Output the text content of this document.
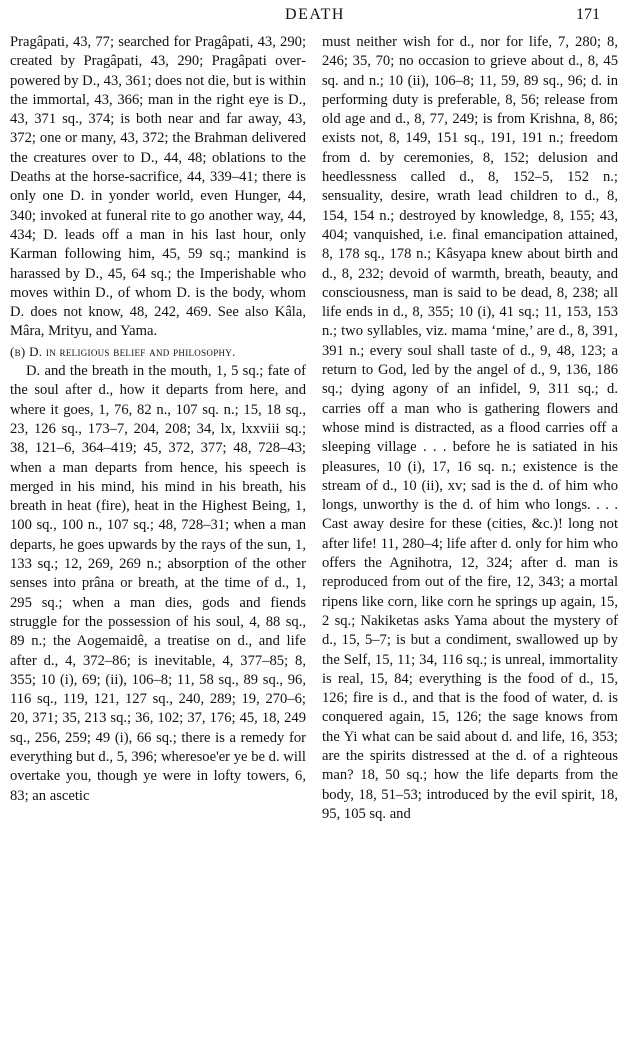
DEATH	171

Pragâpati, 43, 77; searched for Pragâpati, 43, 290; created by Pragâpati, 43, 290; Pragâpati overpowered by D., 43, 361; does not die, but is within the immortal, 43, 366; man in the right eye is D., 43, 371 sq., 374; is both near and far away, 43, 372; one or many, 43, 372; the Brahman delivered the creatures over to D., 44, 48; oblations to the Deaths at the horse-sacrifice, 44, 339–41; there is only one D. in yonder world, even Hunger, 44, 340; invoked at funeral rite to go another way, 44, 434; D. leads off a man in his last hour, only Karman following him, 45, 59 sq.; mankind is harassed by D., 45, 64 sq.; the Imperishable who moves within D., of whom D. is the body, whom D. does not know, 48, 242, 469. See also Kâla, Mâra, Mrityu, and Yama.

(b) D. in religious belief and philosophy.

D. and the breath in the mouth, 1, 5 sq.; fate of the soul after d., how it departs from here, and where it goes, 1, 76, 82 n., 107 sq. n.; 15, 18 sq., 23, 126 sq., 173–7, 204, 208; 34, lx, lxxviii sq.; 38, 121–6, 364–419; 45, 372, 377; 48, 728–43; when a man departs from hence, his speech is merged in his mind, his mind in his breath, his breath in heat (fire), heat in the Highest Being, 1, 100 sq., 100 n., 107 sq.; 48, 728–31; when a man departs, he goes upwards by the rays of the sun, 1, 133 sq.; 12, 269, 269 n.; absorption of the other senses into prâna or breath, at the time of d., 1, 295 sq.; when a man dies, gods and fiends struggle for the possession of his soul, 4, 88 sq., 89 n.; the Aogemaidê, a treatise on d., and life after d., 4, 372–86; is inevitable, 4, 377–85; 8, 355; 10 (i), 69; (ii), 106–8; 11, 58 sq., 89 sq., 96, 116 sq., 119, 121, 127 sq., 240, 289; 19, 270–6; 20, 371; 35, 213 sq.; 36, 102; 37, 176; 45, 18, 249 sq., 256, 259; 49 (i), 66 sq.; there is a remedy for everything but d., 5, 396; wheresoe'er ye be d. will overtake you, though ye were in lofty towers, 6, 83; an ascetic

must neither wish for d., nor for life, 7, 280; 8, 246; 35, 70; no occasion to grieve about d., 8, 45 sq. and n.; 10 (ii), 106–8; 11, 59, 89 sq., 96; d. in performing duty is preferable, 8, 56; release from old age and d., 8, 77, 249; is from Krishna, 8, 86; exists not, 8, 149, 151 sq., 191, 191 n.; freedom from d. by ceremonies, 8, 152; delusion and heedlessness called d., 8, 152–5, 152 n.; sensuality, desire, wrath lead children to d., 8, 154, 154 n.; destroyed by knowledge, 8, 155; 43, 404; vanquished, i.e. final emancipation attained, 8, 178 sq., 178 n.; Kâsyapa knew about birth and d., 8, 232; devoid of warmth, breath, beauty, and consciousness, man is said to be dead, 8, 238; all life ends in d., 8, 355; 10 (i), 41 sq.; 11, 153, 153 n.; two syllables, viz. mama ‘mine,’ are d., 8, 391, 391 n.; every soul shall taste of d., 9, 48, 123; a return to God, led by the angel of d., 9, 136, 186 sq.; dying agony of an infidel, 9, 311 sq.; d. carries off a man who is gathering flowers and whose mind is distracted, as a flood carries off a sleeping village . . . before he is satiated in his pleasures, 10 (i), 17, 16 sq. n.; existence is the stream of d., 10 (ii), xv; sad is the d. of him who longs, unworthy is the d. of him who longs. . . . Cast away desire for these (cities, &c.)! long not after life! 11, 280–4; life after d. only for him who offers the Agnihotra, 12, 324; after d. man is reproduced from out of the fire, 12, 343; a mortal ripens like corn, like corn he springs up again, 15, 2 sq.; Nakiketas asks Yama about the mystery of d., 15, 5–7; is but a condiment, swallowed up by the Self, 15, 11; 34, 116 sq.; is unreal, immortality is real, 15, 84; everything is the food of d., 15, 126; fire is d., and that is the food of water, d. is conquered again, 15, 126; the sage knows from the Yi what can be said about d. and life, 16, 353; are the spirits distressed at the d. of a righteous man? 18, 50 sq.; how the life departs from the body, 18, 51–53; introduced by the evil spirit, 18, 95, 105 sq. and
